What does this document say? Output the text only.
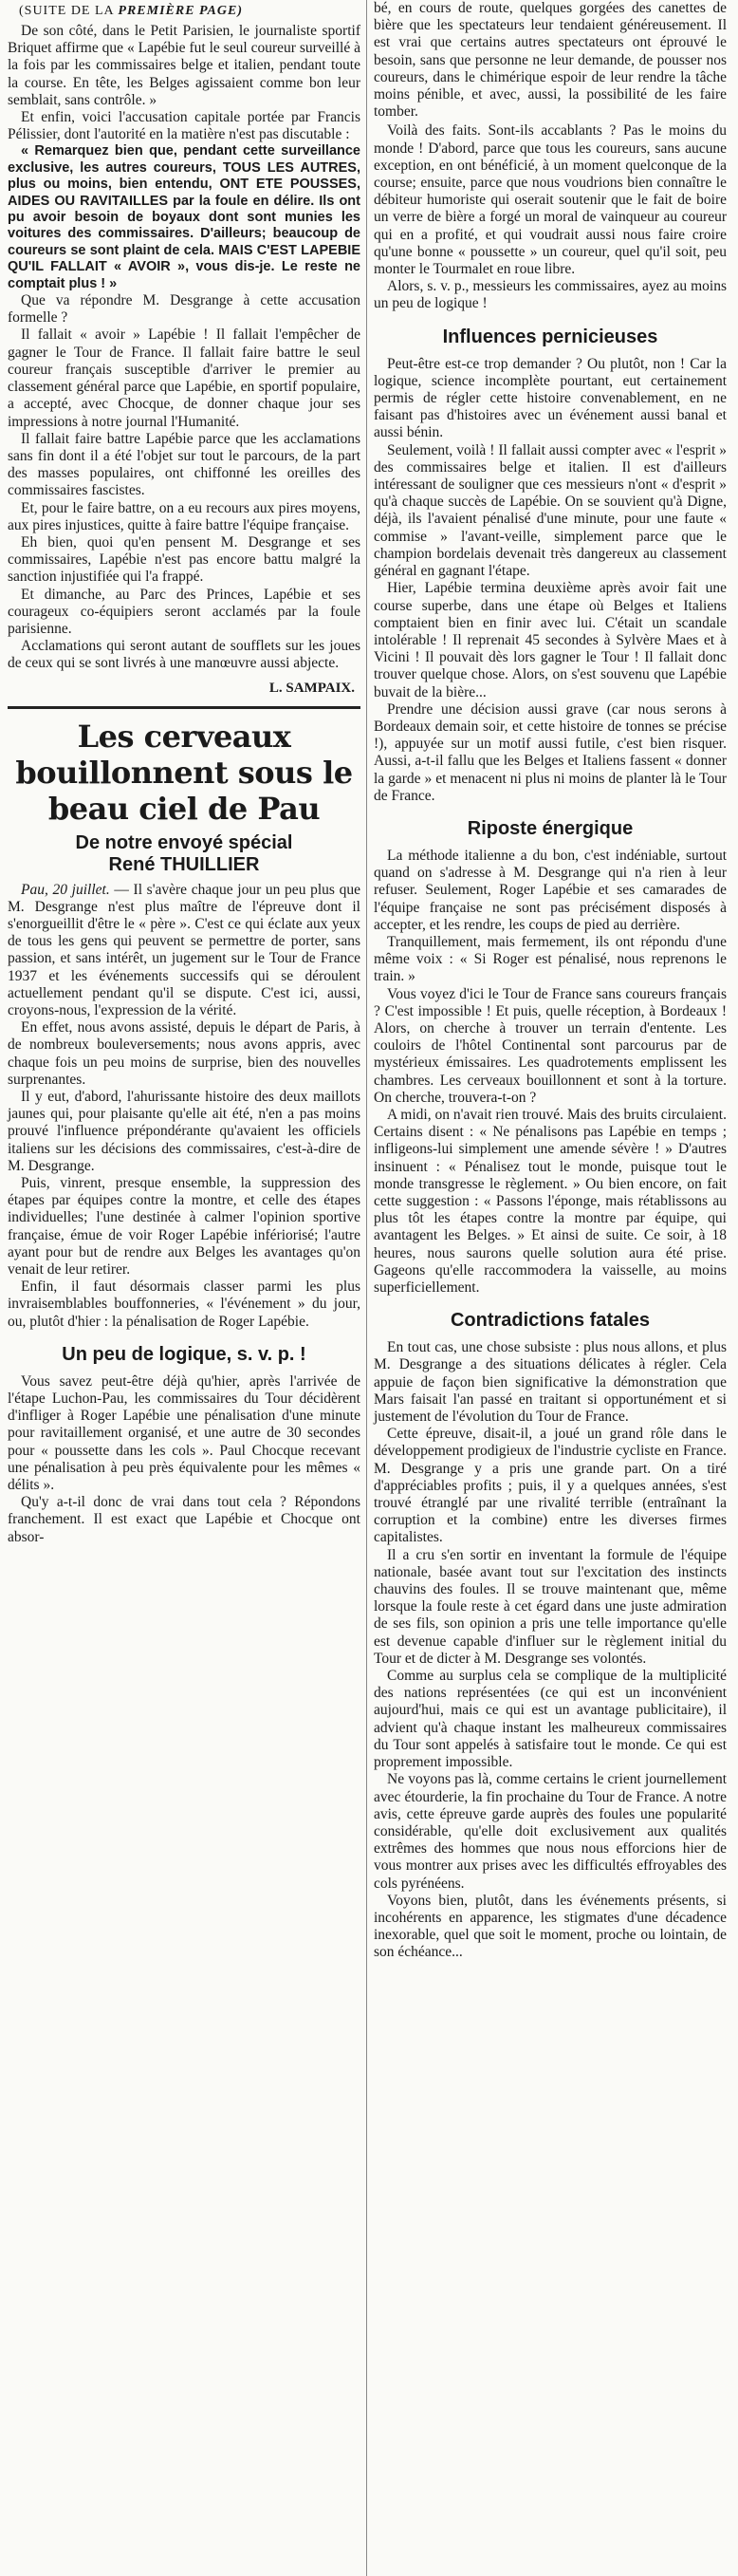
(SUITE DE LA PREMIÈRE PAGE)

De son côté, dans le Petit Parisien, le journaliste sportif Briquet affirme que « Lapébie fut le seul coureur surveillé à la fois par les commissaires belge et italien, pendant toute la course. En tête, les Belges agissaient comme bon leur semblait, sans contrôle. »

Et enfin, voici l'accusation capitale portée par Francis Pélissier, dont l'autorité en la matière n'est pas discutable :

« Remarquez bien que, pendant cette surveillance exclusive, les autres coureurs, TOUS LES AUTRES, plus ou moins, bien entendu, ONT ETE POUSSES, AIDES OU RAVITAILLES par la foule en délire. Ils ont pu avoir besoin de boyaux dont sont munies les voitures des commissaires. D'ailleurs; beaucoup de coureurs se sont plaint de cela. MAIS C'EST LAPEBIE QU'IL FALLAIT « AVOIR », vous dis-je. Le reste ne comptait plus ! »

Que va répondre M. Desgrange à cette accusation formelle ?

Il fallait « avoir » Lapébie ! Il fallait l'empêcher de gagner le Tour de France. Il fallait faire battre le seul coureur français susceptible d'arriver le premier au classement général parce que Lapébie, en sportif populaire, a accepté, avec Chocque, de donner chaque jour ses impressions à notre journal l'Humanité.

Il fallait faire battre Lapébie parce que les acclamations sans fin dont il a été l'objet sur tout le parcours, de la part des masses populaires, ont chiffonné les oreilles des commissaires fascistes.

Et, pour le faire battre, on a eu recours aux pires moyens, aux pires injustices, quitte à faire battre l'équipe française.

Eh bien, quoi qu'en pensent M. Desgrange et ses commissaires, Lapébie n'est pas encore battu malgré la sanction injustifiée qui l'a frappé.

Et dimanche, au Parc des Princes, Lapébie et ses courageux co-équipiers seront acclamés par la foule parisienne.

Acclamations qui seront autant de soufflets sur les joues de ceux qui se sont livrés à une manœuvre aussi abjecte.

L. SAMPAIX.
Les cerveaux bouillonnent sous le beau ciel de Pau
De notre envoyé spécial
René THUILLIER

Pau, 20 juillet. — Il s'avère chaque jour un peu plus que M. Desgrange n'est plus maître de l'épreuve dont il s'enorgueillit d'être le « père ». C'est ce qui éclate aux yeux de tous les gens qui peuvent se permettre de porter, sans passion, et sans intérêt, un jugement sur le Tour de France 1937 et les événements successifs qui se déroulent actuellement pendant qu'il se dispute. C'est ici, aussi, croyons-nous, l'expression de la vérité.

En effet, nous avons assisté, depuis le départ de Paris, à de nombreux bouleversements; nous avons appris, avec chaque fois un peu moins de surprise, bien des nouvelles surprenantes.

Il y eut, d'abord, l'ahurissante histoire des deux maillots jaunes qui, pour plaisante qu'elle ait été, n'en a pas moins prouvé l'influence prépondérante qu'avaient les officiels italiens sur les décisions des commissaires, c'est-à-dire de M. Desgrange.

Puis, vinrent, presque ensemble, la suppression des étapes par équipes contre la montre, et celle des étapes individuelles; l'une destinée à calmer l'opinion sportive française, émue de voir Roger Lapébie infériorisé; l'autre ayant pour but de rendre aux Belges les avantages qu'on venait de leur retirer.

Enfin, il faut désormais classer parmi les plus invraisemblables bouffonneries, « l'événement » du jour, ou, plutôt d'hier : la pénalisation de Roger Lapébie.

Un peu de logique, s. v. p. !

Vous savez peut-être déjà qu'hier, après l'arrivée de l'étape Luchon-Pau, les commissaires du Tour décidèrent d'infliger à Roger Lapébie une pénalisation d'une minute pour ravitaillement organisé, et une autre de 30 secondes pour « poussette dans les cols ». Paul Chocque recevant une pénalisation à peu près équivalente pour les mêmes « délits ».

Qu'y a-t-il donc de vrai dans tout cela ? Répondons franchement. Il est exact que Lapébie et Chocque ont absor-

bé, en cours de route, quelques gorgées des canettes de bière que les spectateurs leur tendaient généreusement. Il est vrai que certains autres spectateurs ont éprouvé le besoin, sans que personne ne leur demande, de pousser nos coureurs, dans le chimérique espoir de leur rendre la tâche moins pénible, et avec, aussi, la possibilité de les faire tomber.

Voilà des faits. Sont-ils accablants ? Pas le moins du monde ! D'abord, parce que tous les coureurs, sans aucune exception, en ont bénéficié, à un moment quelconque de la course; ensuite, parce que nous voudrions bien connaître le débiteur humoriste qui oserait soutenir que le fait de boire un verre de bière a forgé un moral de vainqueur au coureur qui en a profité, et qui voudrait aussi nous faire croire qu'une bonne « poussette » un coureur, quel qu'il soit, peu monter le Tourmalet en roue libre.

Alors, s. v. p., messieurs les commissaires, ayez au moins un peu de logique !

Influences pernicieuses

Peut-être est-ce trop demander ? Ou plutôt, non ! Car la logique, science incomplète pourtant, eut certainement permis de régler cette histoire convenablement, en ne faisant pas d'histoires avec un événement aussi banal et aussi bénin.

Seulement, voilà ! Il fallait aussi compter avec « l'esprit » des commissaires belge et italien. Il est d'ailleurs intéressant de souligner que ces messieurs n'ont « d'esprit » qu'à chaque succès de Lapébie. On se souvient qu'à Digne, déjà, ils l'avaient pénalisé d'une minute, pour une faute « commise » l'avant-veille, simplement parce que le champion bordelais devenait très dangereux au classement général en gagnant l'étape.

Hier, Lapébie termina deuxième après avoir fait une course superbe, dans une étape où Belges et Italiens comptaient bien en finir avec lui. C'était un scandale intolérable ! Il reprenait 45 secondes à Sylvère Maes et à Vicini ! Il pouvait dès lors gagner le Tour ! Il fallait donc trouver quelque chose. Alors, on s'est souvenu que Lapébie buvait de la bière...

Prendre une décision aussi grave (car nous serons à Bordeaux demain soir, et cette histoire de tonnes se précise !), appuyée sur un motif aussi futile, c'est bien risquer. Aussi, a-t-il fallu que les Belges et Italiens fassent « donner la garde » et menacent ni plus ni moins de planter là le Tour de France.

Riposte énergique

La méthode italienne a du bon, c'est indéniable, surtout quand on s'adresse à M. Desgrange qui n'a rien à leur refuser. Seulement, Roger Lapébie et ses camarades de l'équipe française ne sont pas précisément disposés à accepter, et les rendre, les coups de pied au derrière.

Tranquillement, mais fermement, ils ont répondu d'une même voix : « Si Roger est pénalisé, nous reprenons le train. »

Vous voyez d'ici le Tour de France sans coureurs français ? C'est impossible ! Et puis, quelle réception, à Bordeaux ! Alors, on cherche à trouver un terrain d'entente. Les couloirs de l'hôtel Continental sont parcourus par de mystérieux émissaires. Les quadrotements emplissent les chambres. Les cerveaux bouillonnent et sont à la torture. On cherche, trouvera-t-on ?

A midi, on n'avait rien trouvé. Mais des bruits circulaient. Certains disent : « Ne pénalisons pas Lapébie en temps ; infligeons-lui simplement une amende sévère ! » D'autres insinuent : « Pénalisez tout le monde, puisque tout le monde transgresse le règlement. » Ou bien encore, on fait cette suggestion : « Passons l'éponge, mais rétablissons au plus tôt les étapes contre la montre par équipe, qui avantagent les Belges. » Et ainsi de suite. Ce soir, à 18 heures, nous saurons quelle solution aura été prise. Gageons qu'elle raccommodera la vaisselle, au moins superficiellement.

Contradictions fatales

En tout cas, une chose subsiste : plus nous allons, et plus M. Desgrange a des situations délicates à régler. Cela appuie de façon bien significative la démonstration que Mars faisait l'an passé en traitant si opportunément et si justement de l'évolution du Tour de France.

Cette épreuve, disait-il, a joué un grand rôle dans le développement prodigieux de l'industrie cycliste en France. M. Desgrange y a pris une grande part. On a tiré d'appréciables profits ; puis, il y a quelques années, s'est trouvé étranglé par une rivalité terrible (entraînant la corruption et la combine) entre les diverses firmes capitalistes.

Il a cru s'en sortir en inventant la formule de l'équipe nationale, basée avant tout sur l'excitation des instincts chauvins des foules. Il se trouve maintenant que, même lorsque la foule reste à cet égard dans une juste admiration de ses fils, son opinion a pris une telle importance qu'elle est devenue capable d'influer sur le règlement initial du Tour et de dicter à M. Desgrange ses volontés.

Comme au surplus cela se complique de la multiplicité des nations représentées (ce qui est un inconvénient aujourd'hui, mais ce qui est un avantage publicitaire), il advient qu'à chaque instant les malheureux commissaires du Tour sont appelés à satisfaire tout le monde. Ce qui est proprement impossible.

Ne voyons pas là, comme certains le crient journellement avec étourderie, la fin prochaine du Tour de France. A notre avis, cette épreuve garde auprès des foules une popularité considérable, qu'elle doit exclusivement aux qualités extrêmes des hommes que nous nous efforcions hier de vous montrer aux prises avec les difficultés effroyables des cols pyrénéens.

Voyons bien, plutôt, dans les événements présents, si incohérents en apparence, les stigmates d'une décadence inexorable, quel que soit le moment, proche ou lointain, de son échéance...
